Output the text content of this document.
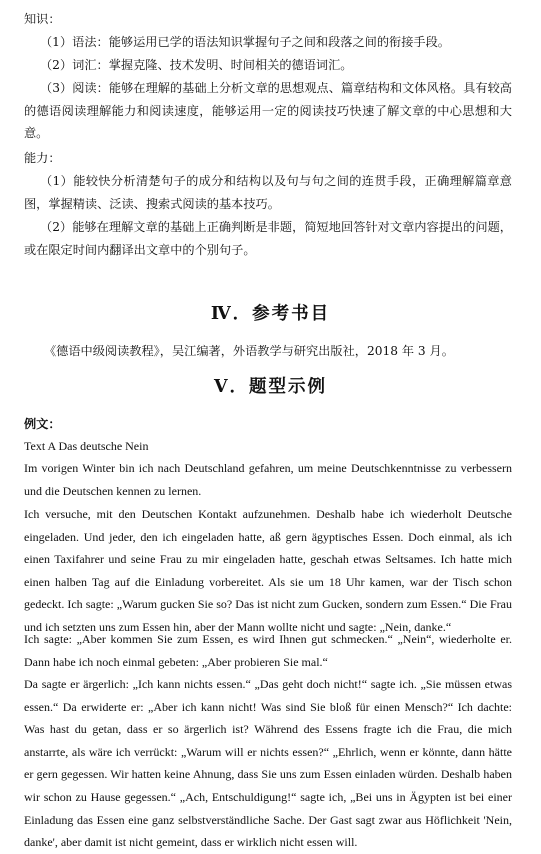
知识：

（1）语法：能够运用已学的语法知识掌握句子之间和段落之间的衔接手段。

（2）词汇：掌握克隆、技术发明、时间相关的德语词汇。

（3）阅读：能够在理解的基础上分析文章的思想观点、篇章结构和文体风格。具有较高的德语阅读理解能力和阅读速度，能够运用一定的阅读技巧快速了解文章的中心思想和大意。

能力：

（1）能较快分析清楚句子的成分和结构以及句与句之间的连贯手段，正确理解篇章意图，掌握精读、泛读、搜索式阅读的基本技巧。

（2）能够在理解文章的基础上正确判断是非题，简短地回答针对文章内容提出的问题，或在限定时间内翻译出文章中的个别句子。

Ⅳ．参考书目

《德语中级阅读教程》，吴江编著，外语教学与研究出版社，2018 年 3 月。

Ⅴ．题型示例

例文：

Text A Das deutsche Nein

Im vorigen Winter bin ich nach Deutschland gefahren, um meine Deutschkenntnisse zu verbessern und die Deutschen kennen zu lernen.

Ich versuche, mit den Deutschen Kontakt aufzunehmen. Deshalb habe ich wiederholt Deutsche eingeladen. Und jeder, den ich eingeladen hatte, aß gern ägyptisches Essen. Doch einmal, als ich einen Taxifahrer und seine Frau zu mir eingeladen hatte, geschah etwas Seltsames. Ich hatte mich einen halben Tag auf die Einladung vorbereitet. Als sie um 18 Uhr kamen, war der Tisch schon gedeckt. Ich sagte: „Warum gucken Sie so? Das ist nicht zum Gucken, sondern zum Essen.“ Die Frau und ich setzten uns zum Essen hin, aber der Mann wollte nicht und sagte: „Nein, danke.“

Ich sagte: „Aber kommen Sie zum Essen, es wird Ihnen gut schmecken.“ „Nein“, wiederholte er. Dann habe ich noch einmal gebeten: „Aber probieren Sie mal.“

Da sagte er ärgerlich: „Ich kann nichts essen.“ „Das geht doch nicht!“ sagte ich. „Sie müssen etwas essen.“ Da erwiderte er: „Aber ich kann nicht! Was sind Sie bloß für einen Mensch?“ Ich dachte: Was hast du getan, dass er so ärgerlich ist? Während des Essens fragte ich die Frau, die mich anstarrte, als wäre ich verrückt: „Warum will er nichts essen?“ „Ehrlich, wenn er könnte, dann hätte er gern gegessen. Wir hatten keine Ahnung, dass Sie uns zum Essen einladen würden. Deshalb haben wir schon zu Hause gegessen.“ „Ach, Entschuldigung!“ sagte ich, „Bei uns in Ägypten ist bei einer Einladung das Essen eine ganz selbstverständliche Sache. Der Gast sagt zwar aus Höflichkeit 'Nein, danke', aber damit ist nicht gemeint, dass er wirklich nicht essen will.
